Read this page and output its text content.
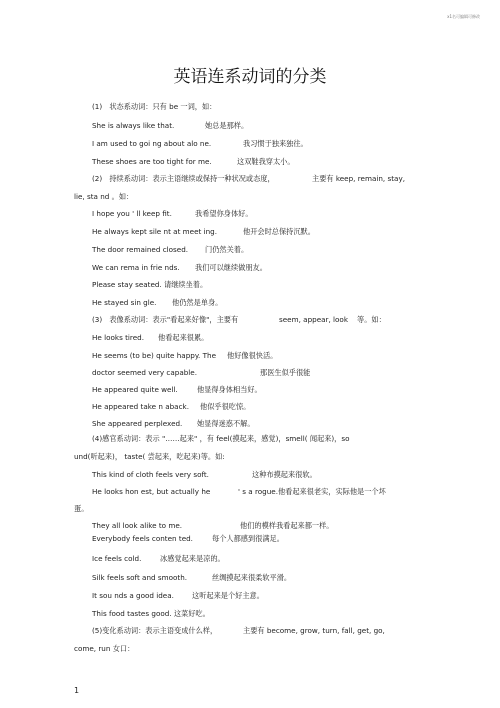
x1名可编辑可修改
英语连系动词的分类
(1)　状态系动词：只有 be 一词，如：
She is always like that.	她总是那样。
I am used to goi ng about alo ne.	我习惯于独来独往。
These shoes are too tight for me.	这双鞋我穿太小。
(2)　持续系动词：表示主语继续或保持一种状况或态度，	主要有 keep, remain, stay,
lie, sta nd 。如：
I hope you ' ll keep fit.	我希望你身体好。
He always kept sile nt at meet ing.	他开会时总保持沉默。
The door remained closed. 门仍然关着。
We can rema in frie nds. 我们可以继续做朋友。
Please stay seated. 请继续坐着。
He stayed sin gle. 他仍然是单身。
(3)　表像系动词：表示"看起来好像"，主要有	seem, appear, look 等。如：
He looks tired. 他看起来很累。
He seems (to be) quite happy. The 他好像很快活。
doctor seemed very capable.	那医生似乎很能
He appeared quite well.	他显得身体相当好。
He appeared take n aback. 他似乎很吃惊。
She appeared perplexed. 她显得迷惑不解。
(4)感官系动词：表示 "……起来" ，有 feel(摸起来，感觉)，smell( 闻起来)，so
und(听起来)， taste( 尝起来，吃起来)等。如:
This kind of cloth feels very soft.	这种布摸起来很软。
He looks hon est, but actually he	' s a rogue.他看起来很老实，实际他是一个坏
蛋。
They all look alike to me.	他们的模样我看起来都一样。
Everybody feels conten ted.	每个人都感到很满足。
Ice feels cold.	冰感觉起来是凉的。
Silk feels soft and smooth.	丝绸摸起来很柔软平滑。
It sou nds a good idea.	这听起来是个好主意。
This food tastes good. 这菜好吃。
(5)变化系动词：表示主语变成什么样，	主要有 become, grow, turn, fall, get, go,
come, run 女口：
1
